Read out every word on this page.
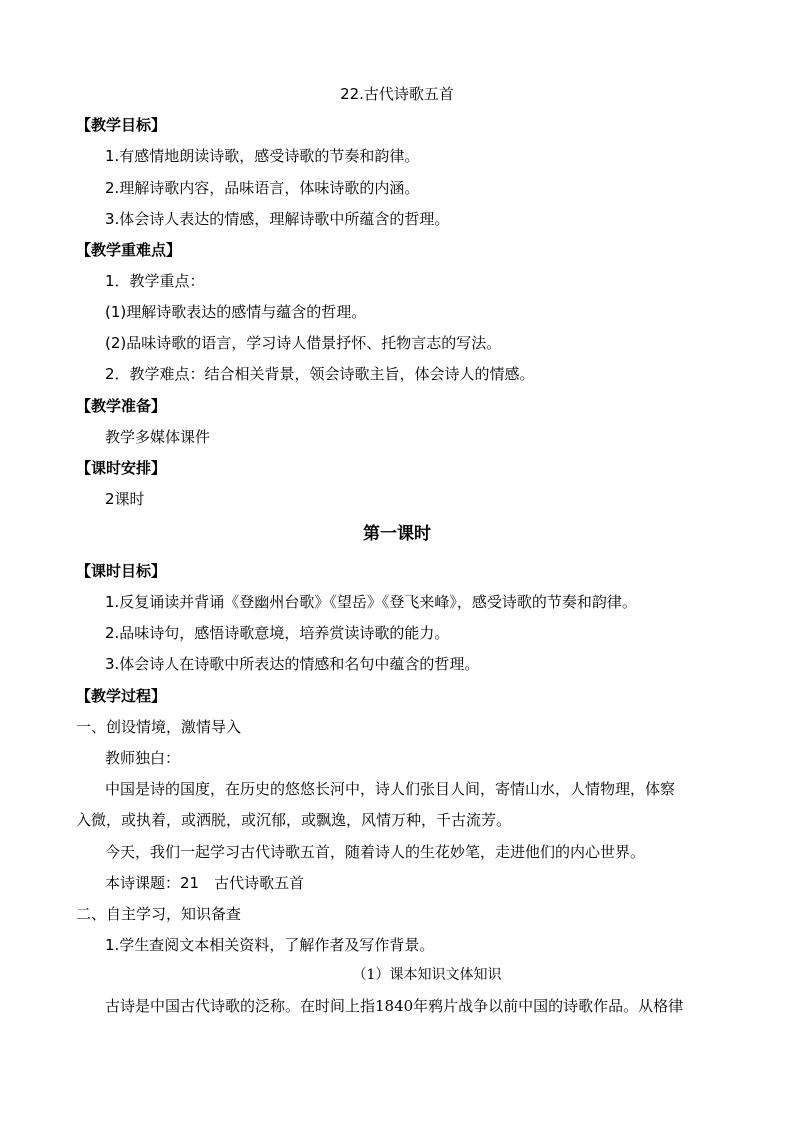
22.古代诗歌五首
【教学目标】
1.有感情地朗读诗歌，感受诗歌的节奏和韵律。
2.理解诗歌内容，品味语言，体味诗歌的内涵。
3.体会诗人表达的情感，理解诗歌中所蕴含的哲理。
【教学重难点】
1．教学重点：
(1)理解诗歌表达的感情与蕴含的哲理。
(2)品味诗歌的语言，学习诗人借景抒怀、托物言志的写法。
2．教学难点：结合相关背景，领会诗歌主旨，体会诗人的情感。
【教学准备】
教学多媒体课件
【课时安排】
2课时
第一课时
【课时目标】
1.反复诵读并背诵《登幽州台歌》《望岳》《登飞来峰》，感受诗歌的节奏和韵律。
2.品味诗句，感悟诗歌意境，培养赏读诗歌的能力。
3.体会诗人在诗歌中所表达的情感和名句中蕴含的哲理。
【教学过程】
一、创设情境，激情导入
教师独白：
中国是诗的国度，在历史的悠悠长河中，诗人们张目人间，寄情山水，人情物理，体察
入微，或执着，或洒脱，或沉郁，或飘逸，风情万种，千古流芳。
今天，我们一起学习古代诗歌五首，随着诗人的生花妙笔，走进他们的内心世界。
本诗课题：21　古代诗歌五首
二、自主学习，知识备查
1.学生查阅文本相关资料，了解作者及写作背景。
（1）课本知识文体知识
古诗是中国古代诗歌的泛称。在时间上指1840年鸦片战争以前中国的诗歌作品。从格律
